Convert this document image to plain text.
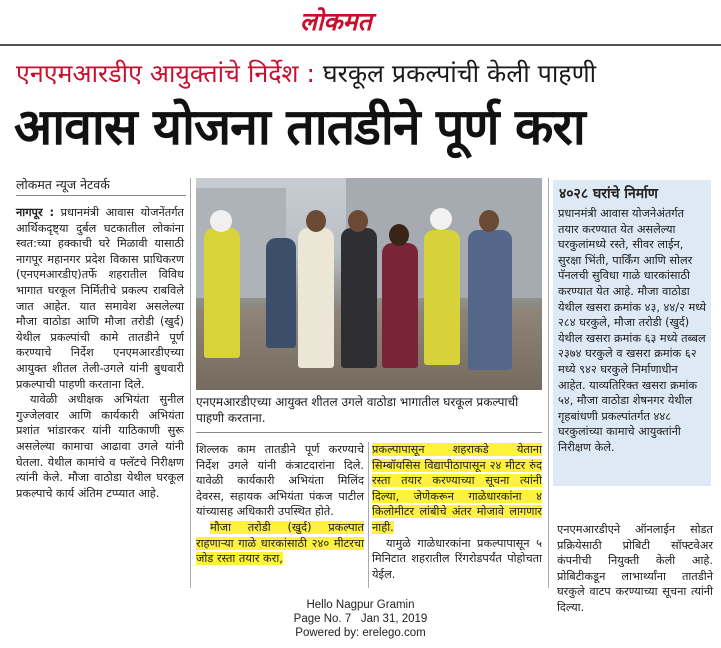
लोकमत
एनएमआरडीए आयुक्तांचे निर्देश : घरकूल प्रकल्पांची केली पाहणी
आवास योजना तातडीने पूर्ण करा
लोकमत न्यूज नेटवर्क

नागपूर : प्रधानमंत्री आवास योजनेंतर्गत आर्थिकदृष्ट्या दुर्बल घटकातील लोकांना स्वत:च्या हक्काची घरे मिळावी यासाठी नागपूर महानगर प्रदेश विकास प्राधिकरण (एनएमआरडीए)तर्फे शहरातील विविध भागात घरकूल निर्मितीचे प्रकल्प राबविले जात आहेत. यात समावेश असलेल्या मौजा वाठोडा आणि मौजा तरोडी (खुर्द) येथील प्रकल्पांची कामे तातडीने पूर्ण करण्याचे निर्देश एनएमआरडीएच्या आयुक्त शीतल तेली-उगले यांनी बुधवारी प्रकल्पाची पाहणी करताना दिले.

यावेळी अधीक्षक अभियंता सुनील गुज्जेलवार आणि कार्यकारी अभियंता प्रशांत भांडारकर यांनी याठिकाणी सुरू असलेल्या कामाचा आढावा उगले यांनी घेतला. येथील कामांचे व फ्लॅटचे निरीक्षण त्यांनी केले. मौजा वाठोडा येथील घरकूल प्रकल्पाचे कार्य अंतिम टप्प्यात आहे.

एनएमआरडीएच्या आयुक्त शीतल उगले वाठोडा भागातील घरकूल प्रकल्पाची पाहणी करताना.

शिल्लक काम तातडीने पूर्ण करण्याचे निर्देश उगले यांनी कंत्राटदारांना दिले. यावेळी कार्यकारी अभियंता मिलिंद देवरस, सहायक अभियंता पंकज पाटील यांच्यासह अधिकारी उपस्थित होते.

मौजा तरोडी (खुर्द) प्रकल्पात राहणाऱ्या गाळे धारकांसाठी २४० मीटरचा जोड रस्ता तयार करा,

प्रकल्पापासून शहराकडे येताना सिम्बॉयसिस विद्यापीठापासून २४ मीटर रुंद रस्ता तयार करण्याच्या सूचना त्यांनी दिल्या, जेणेकरून गाळेधारकांना ४ किलोमीटर लांबीचे अंतर मोजावे लागणार नाही.

यामुळे गाळेधारकांना प्रकल्पापासून ५ मिनिटात शहरातील रिंगरोडपर्यंत पोहोचता येईल.

४०२८ घरांचे निर्माण
प्रधानमंत्री आवास योजनेअंतर्गत तयार करण्यात येत असलेल्या घरकुलांमध्ये रस्ते, सीवर लाईन, सुरक्षा भिंती, पार्किंग आणि सोलर पॅनलची सुविधा गाळे धारकांसाठी करण्यात येत आहे. मौजा वाठोडा येथील खसरा क्रमांक ४३, ४४/२ मध्ये २८४ घरकुले, मौजा तरोडी (खुर्द) येथील खसरा क्रमांक ६३ मध्ये तब्बल २३७४ घरकुले व खसरा क्रमांक ६२ मध्ये ९४२ घरकुले निर्माणाधीन आहेत. याव्यतिरिक्त खसरा क्रमांक ५४, मौजा वाठोडा शेषनगर येथील गृहबांधणी प्रकल्पांतर्गत ४४८ घरकुलांच्या कामाचे आयुक्तांनी निरीक्षण केले.

एनएमआरडीएने ऑनलाईन सोडत प्रक्रियेसाठी प्रोबिटी सॉफ्टवेअर कंपनीची नियुक्ती केली आहे. प्रोबिटीकडून लाभार्थ्यांना तातडीने घरकुले वाटप करण्याच्या सूचना त्यांनी दिल्या.

Hello Nagpur Gramin
Page No. 7 Jan 31, 2019
Powered by: erelego.com
